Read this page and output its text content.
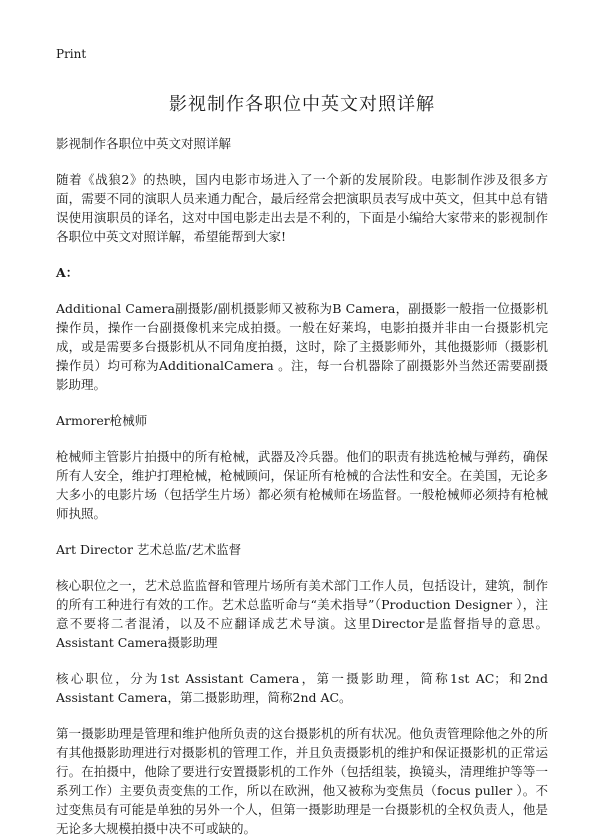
Print

影视制作各职位中英文对照详解

影视制作各职位中英文对照详解

随着《战狼2》的热映，国内电影市场进入了一个新的发展阶段。电影制作涉及很多方面，需要不同的演职人员来通力配合，最后经常会把演职员表写成中英文，但其中总有错误使用演职员的译名，这对中国电影走出去是不利的，下面是小编给大家带来的影视制作各职位中英文对照详解，希望能帮到大家!

A：

Additional Camera副摄影/副机摄影师又被称为B Camera，副摄影一般指一位摄影机操作员，操作一台副摄像机来完成拍摄。一般在好莱坞，电影拍摄并非由一台摄影机完成，或是需要多台摄影机从不同角度拍摄，这时，除了主摄影师外，其他摄影师（摄影机操作员）均可称为AdditionalCamera 。注，每一台机器除了副摄影外当然还需要副摄影助理。

Armorer枪械师

枪械师主管影片拍摄中的所有枪械，武器及冷兵器。他们的职责有挑选枪械与弹药，确保所有人安全，维护打理枪械，枪械顾问，保证所有枪械的合法性和安全。在美国，无论多大多小的电影片场（包括学生片场）都必须有枪械师在场监督。一般枪械师必须持有枪械师执照。

Art Director 艺术总监/艺术监督

核心职位之一，艺术总监监督和管理片场所有美术部门工作人员，包括设计，建筑，制作的所有工种进行有效的工作。艺术总监听命与“美术指导”（Production Designer ），注意不要将二者混淆，以及不应翻译成艺术导演。这里Director是监督指导的意思。Assistant Camera摄影助理

核心职位，分为1st Assistant Camera，第一摄影助理，简称1st AC；和2nd Assistant Camera，第二摄影助理，简称2nd AC。

第一摄影助理是管理和维护他所负责的这台摄影机的所有状况。他负责管理除他之外的所有其他摄影助理进行对摄影机的管理工作，并且负责摄影机的维护和保证摄影机的正常运行。在拍摄中，他除了要进行安置摄影机的工作外（包括组装，换镜头，清理维护等等一系列工作）主要负责变焦的工作，所以在欧洲，他又被称为变焦员（focus puller ）。不过变焦员有可能是单独的另外一个人，但第一摄影助理是一台摄影机的全权负责人，他是无论多大规模拍摄中决不可或缺的。
